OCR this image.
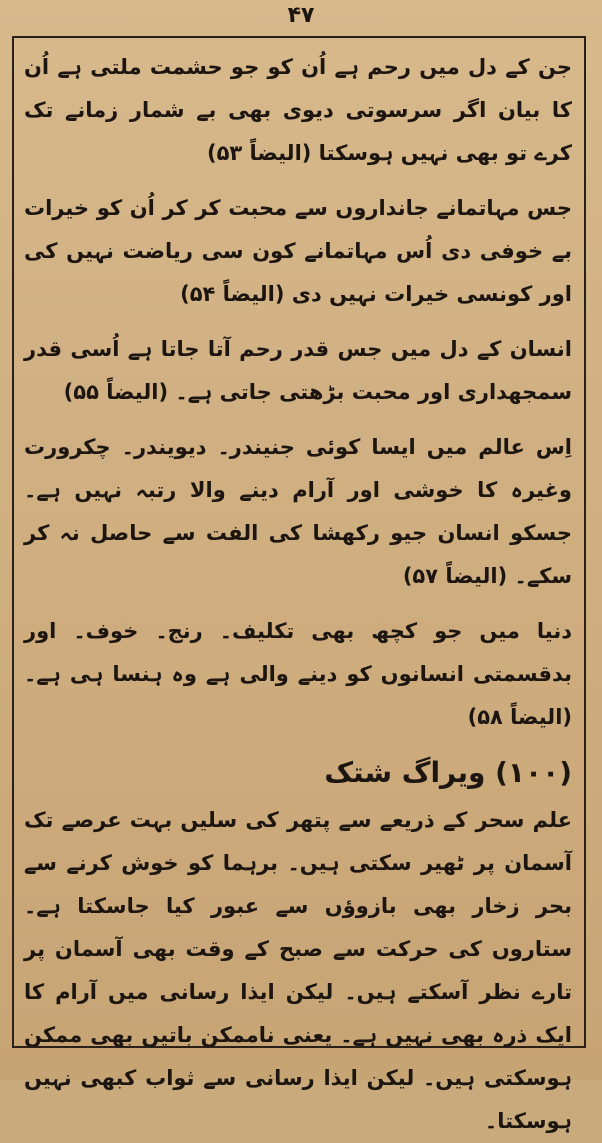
۴۷

جن کے دل میں رحم ہے اُن کو جو حشمت ملتی ہے اُن کا بیان اگر سرسوتی دیوی بھی بے شمار زمانے تک کرے تو بھی نہیں ہوسکتا (الیضاً ۵۳)

جس مہاتمانے جانداروں سے محبت کر کر اُن کو خیرات بے خوفی دی اُس مہاتمانے کون سی ریاضت نہیں کی اور کونسی خیرات نہیں دی (الیضاً ۵۴)

انسان کے دل میں جس قدر رحم آتا جاتا ہے اُسی قدر سمجھداری اور محبت بڑھتی جاتی ہے۔ (الیضاً ۵۵)

اِس عالم میں ایسا کوئی جنیندر۔ دیویندر۔ چکرورت وغیرہ کا خوشی اور آرام دینے والا رتبہ نہیں ہے۔ جسکو انسان جیو رکھشا کی الفت سے حاصل نہ کر سکے۔ (الیضاً ۵۷)

دنیا میں جو کچھ بھی تکلیف۔ رنج۔ خوف۔ اور بدقسمتی انسانوں کو دینے والی ہے وہ ہنسا ہی ہے۔ (الیضاً ۵۸)

(۱۰۰) ویراگ شتک

علم سحر کے ذریعے سے پتھر کی سلیں بہت عرصے تک آسمان پر ٹھیر سکتی ہیں۔ برہما کو خوش کرنے سے بحر زخار بھی بازوؤں سے عبور کیا جاسکتا ہے۔ ستاروں کی حرکت سے صبح کے وقت بھی آسمان پر تارے نظر آسکتے ہیں۔ لیکن ایذا رسانی میں آرام کا ایک ذرہ بھی نہیں ہے۔ یعنی ناممکن باتیں بھی ممکن ہوسکتی ہیں۔ لیکن ایذا رسانی سے ثواب کبھی نہیں ہوسکتا۔
